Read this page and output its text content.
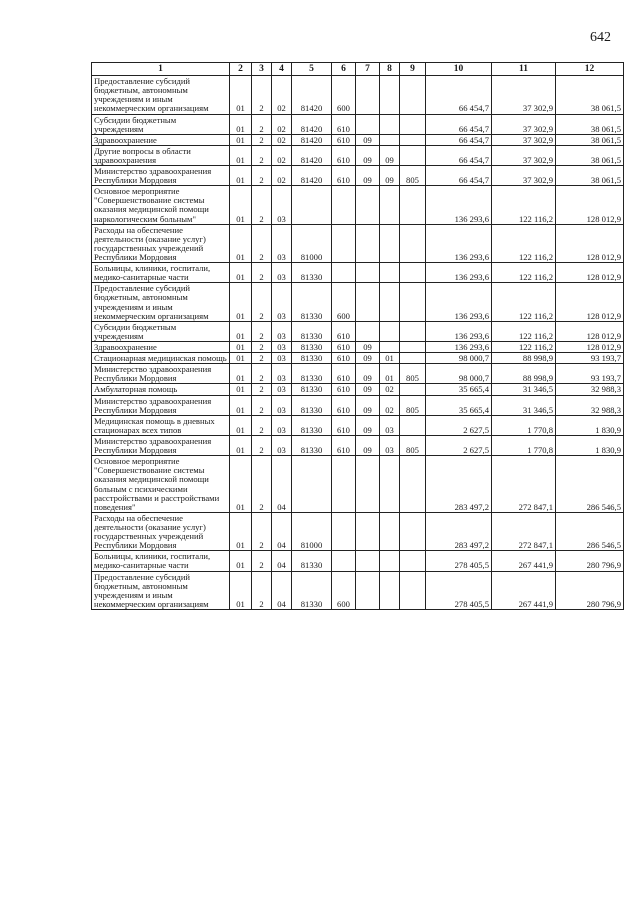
642
1	2	3	4	5	6	7	8	9	10	11	12
Предоставление субсидий бюджетным, автономным учреждениям и иным некоммерческим организациям	01	2	02	81420	600				66 454,7	37 302,9	38 061,5
Субсидии бюджетным учреждениям	01	2	02	81420	610				66 454,7	37 302,9	38 061,5
Здравоохранение	01	2	02	81420	610	09			66 454,7	37 302,9	38 061,5
Другие вопросы в области здравоохранения	01	2	02	81420	610	09	09		66 454,7	37 302,9	38 061,5
Министерство здравоохранения Республики Мордовия	01	2	02	81420	610	09	09	805	66 454,7	37 302,9	38 061,5
Основное мероприятие "Совершенствование системы оказания медицинской помощи наркологическим больным"	01	2	03						136 293,6	122 116,2	128 012,9
Расходы на обеспечение деятельности (оказание услуг) государственных учреждений Республики Мордовия	01	2	03	81000					136 293,6	122 116,2	128 012,9
Больницы, клиники, госпитали, медико-санитарные части	01	2	03	81330					136 293,6	122 116,2	128 012,9
Предоставление субсидий бюджетным, автономным учреждениям и иным некоммерческим организациям	01	2	03	81330	600				136 293,6	122 116,2	128 012,9
Субсидии бюджетным учреждениям	01	2	03	81330	610				136 293,6	122 116,2	128 012,9
Здравоохранение	01	2	03	81330	610	09			136 293,6	122 116,2	128 012,9
Стационарная медицинская помощь	01	2	03	81330	610	09	01		98 000,7	88 998,9	93 193,7
Министерство здравоохранения Республики Мордовия	01	2	03	81330	610	09	01	805	98 000,7	88 998,9	93 193,7
Амбулаторная помощь	01	2	03	81330	610	09	02		35 665,4	31 346,5	32 988,3
Министерство здравоохранения Республики Мордовия	01	2	03	81330	610	09	02	805	35 665,4	31 346,5	32 988,3
Медицинская помощь в дневных стационарах всех типов	01	2	03	81330	610	09	03		2 627,5	1 770,8	1 830,9
Министерство здравоохранения Республики Мордовия	01	2	03	81330	610	09	03	805	2 627,5	1 770,8	1 830,9
Основное мероприятие "Совершенствование системы оказания медицинской помощи больным с психическими расстройствами и расстройствами поведения"	01	2	04						283 497,2	272 847,1	286 546,5
Расходы на обеспечение деятельности (оказание услуг) государственных учреждений Республики Мордовия	01	2	04	81000					283 497,2	272 847,1	286 546,5
Больницы, клиники, госпитали, медико-санитарные части	01	2	04	81330					278 405,5	267 441,9	280 796,9
Предоставление субсидий бюджетным, автономным учреждениям и иным некоммерческим организациям	01	2	04	81330	600				278 405,5	267 441,9	280 796,9
